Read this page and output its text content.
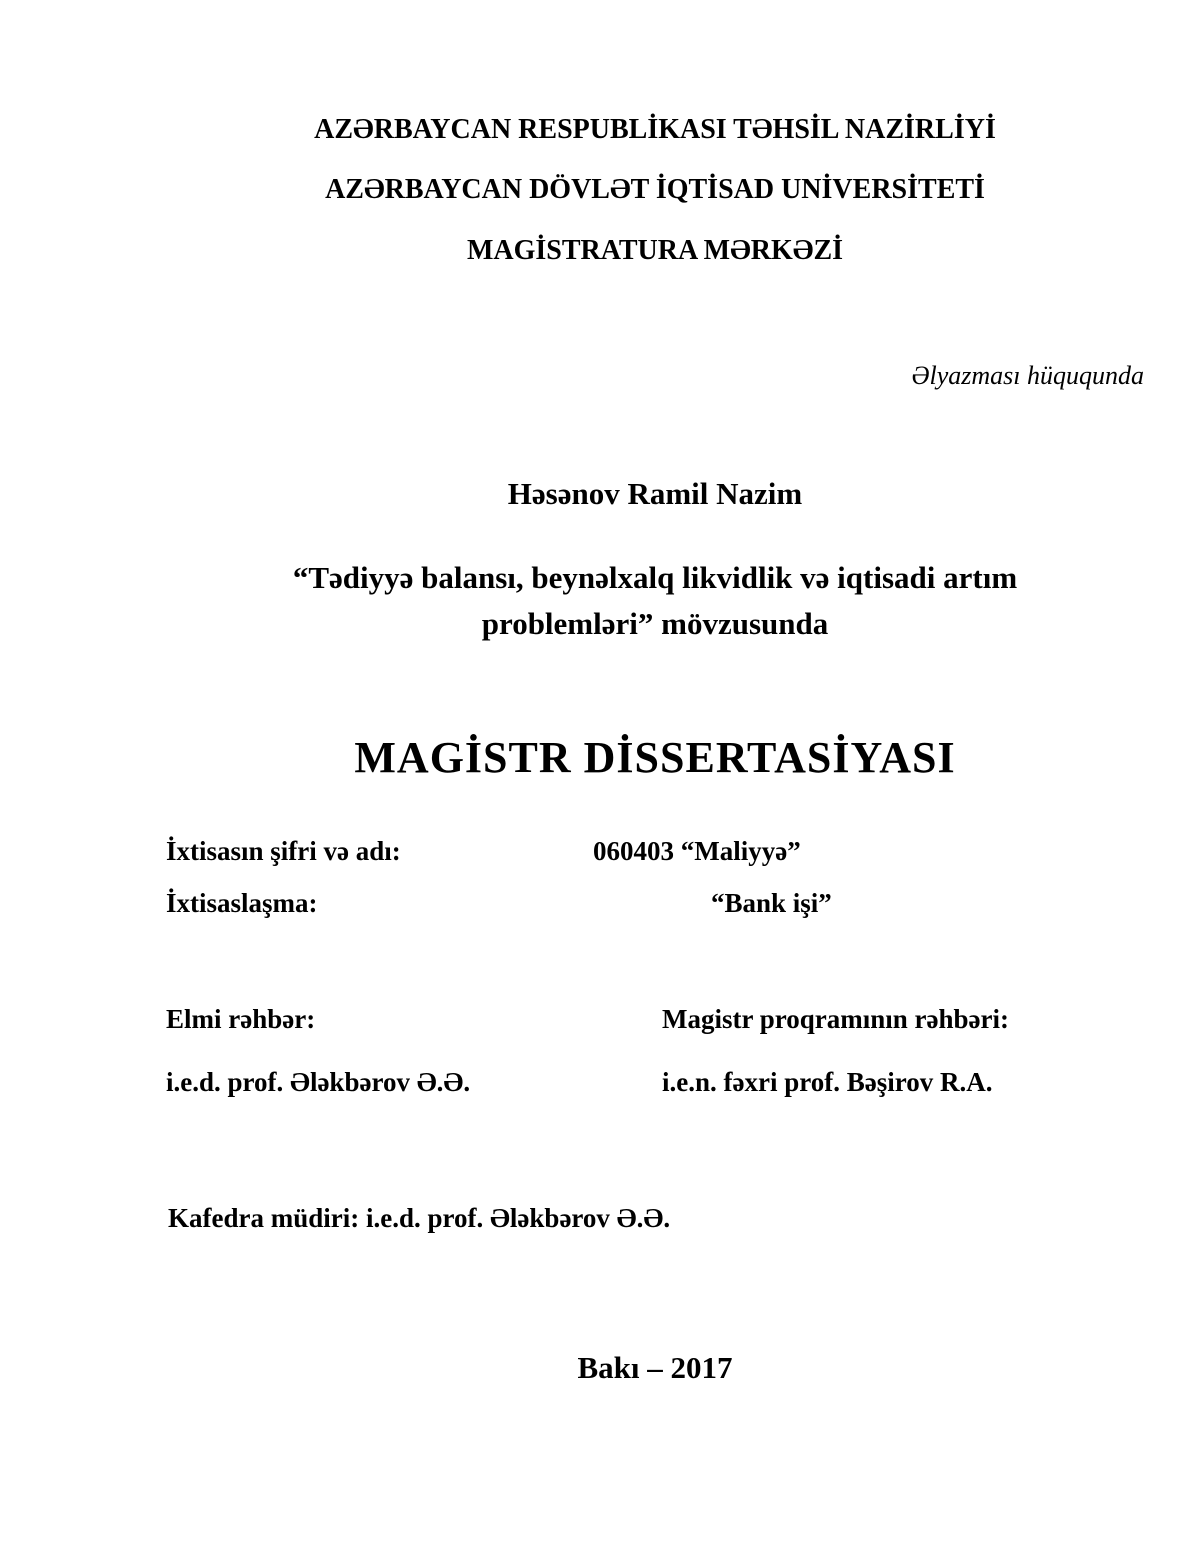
AZƏRBAYCAN RESPUBLİKASI TƏHSİL NAZİRLİYİ
AZƏRBAYCAN DÖVLƏT İQTİSAD UNİVERSİTETİ
MAGİSTRATURA MƏRKƏZİ
Əlyazması hüququnda
Həsənov Ramil Nazim
“Tədiyyə balansı, beynəlxalq likvidlik və iqtisadi artım
problemləri” mövzusunda
MAGİSTR DİSSERTASİYASI
İxtisasın şifri və adı:	060403 “Maliyyə”
İxtisaslaşma:	“Bank işi”
Elmi rəhbər:	Magistr proqramının rəhbəri:
i.e.d. prof. Ələkbərov Ə.Ə.	i.e.n. fəxri prof. Bəşirov R.A.
Kafedra müdiri: i.e.d. prof. Ələkbərov Ə.Ə.
Bakı – 2017
